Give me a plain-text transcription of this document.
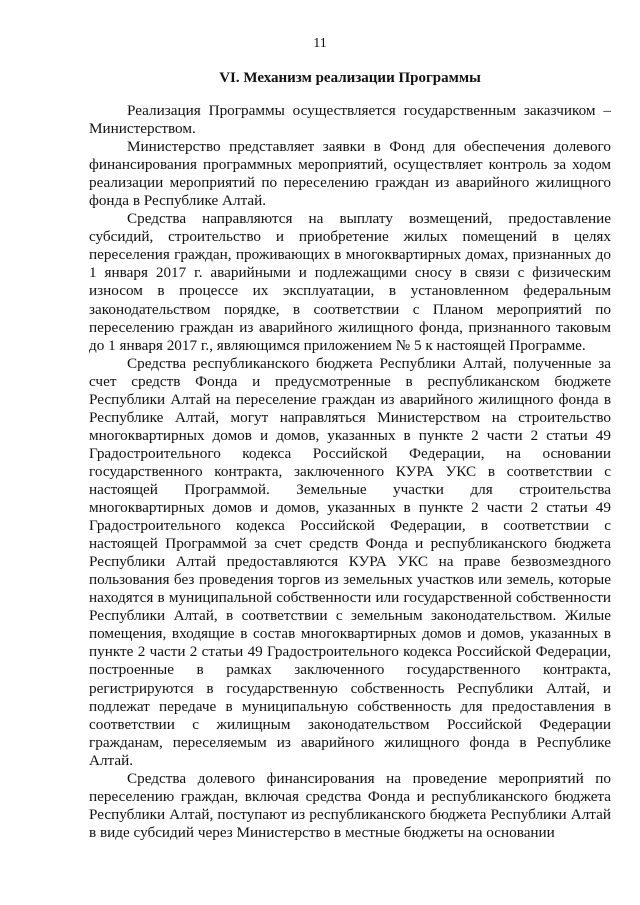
11
VI. Механизм реализации Программы

Реализация Программы осуществляется государственным заказчиком – Министерством.

Министерство представляет заявки в Фонд для обеспечения долевого финансирования программных мероприятий, осуществляет контроль за ходом реализации мероприятий по переселению граждан из аварийного жилищного фонда в Республике Алтай.

Средства направляются на выплату возмещений, предоставление субсидий, строительство и приобретение жилых помещений в целях переселения граждан, проживающих в многоквартирных домах, признанных до 1 января 2017 г. аварийными и подлежащими сносу в связи с физическим износом в процессе их эксплуатации, в установленном федеральным законодательством порядке, в соответствии с Планом мероприятий по переселению граждан из аварийного жилищного фонда, признанного таковым до 1 января 2017 г., являющимся приложением № 5 к настоящей Программе.

Средства республиканского бюджета Республики Алтай, полученные за счет средств Фонда и предусмотренные в республиканском бюджете Республики Алтай на переселение граждан из аварийного жилищного фонда в Республике Алтай, могут направляться Министерством на строительство многоквартирных домов и домов, указанных в пункте 2 части 2 статьи 49 Градостроительного кодекса Российской Федерации, на основании государственного контракта, заключенного КУРА УКС в соответствии с настоящей Программой. Земельные участки для строительства многоквартирных домов и домов, указанных в пункте 2 части 2 статьи 49 Градостроительного кодекса Российской Федерации, в соответствии с настоящей Программой за счет средств Фонда и республиканского бюджета Республики Алтай предоставляются КУРА УКС на праве безвозмездного пользования без проведения торгов из земельных участков или земель, которые находятся в муниципальной собственности или государственной собственности Республики Алтай, в соответствии с земельным законодательством. Жилые помещения, входящие в состав многоквартирных домов и домов, указанных в пункте 2 части 2 статьи 49 Градостроительного кодекса Российской Федерации, построенные в рамках заключенного государственного контракта, регистрируются в государственную собственность Республики Алтай, и подлежат передаче в муниципальную собственность для предоставления в соответствии с жилищным законодательством Российской Федерации гражданам, переселяемым из аварийного жилищного фонда в Республике Алтай.

Средства долевого финансирования на проведение мероприятий по переселению граждан, включая средства Фонда и республиканского бюджета Республики Алтай, поступают из республиканского бюджета Республики Алтай в виде субсидий через Министерство в местные бюджеты на основании
